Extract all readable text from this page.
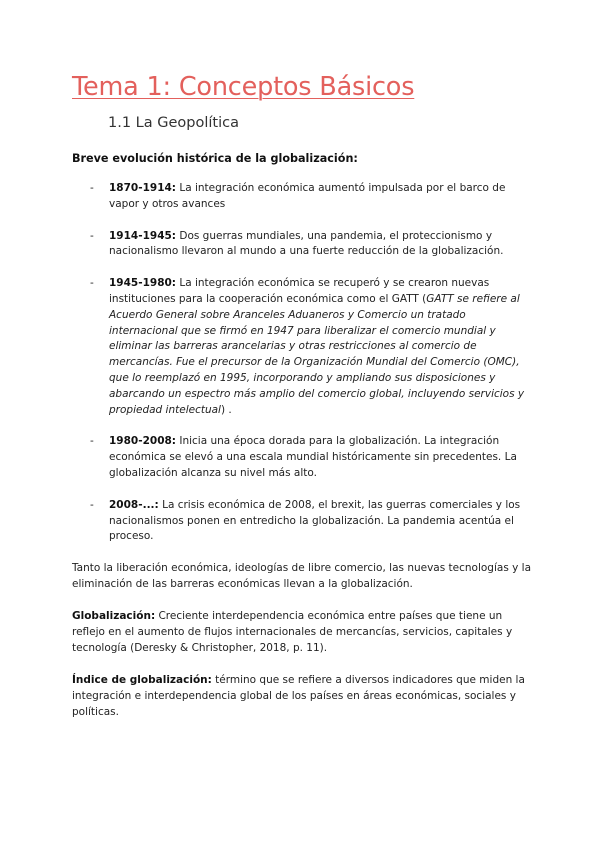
Tema 1: Conceptos Básicos
1.1 La Geopolítica
Breve evolución histórica de la globalización:
- 1870-1914: La integración económica aumentó impulsada por el barco de vapor y otros avances
- 1914-1945: Dos guerras mundiales, una pandemia, el proteccionismo y nacionalismo llevaron al mundo a una fuerte reducción de la globalización.
- 1945-1980: La integración económica se recuperó y se crearon nuevas instituciones para la cooperación económica como el GATT (GATT se refiere al Acuerdo General sobre Aranceles Aduaneros y Comercio un tratado internacional que se firmó en 1947 para liberalizar el comercio mundial y eliminar las barreras arancelarias y otras restricciones al comercio de mercancías. Fue el precursor de la Organización Mundial del Comercio (OMC), que lo reemplazó en 1995, incorporando y ampliando sus disposiciones y abarcando un espectro más amplio del comercio global, incluyendo servicios y propiedad intelectual) .
- 1980-2008: Inicia una época dorada para la globalización. La integración económica se elevó a una escala mundial históricamente sin precedentes. La globalización alcanza su nivel más alto.
- 2008-...: La crisis económica de 2008, el brexit, las guerras comerciales y los nacionalismos ponen en entredicho la globalización. La pandemia acentúa el proceso.
Tanto la liberación económica, ideologías de libre comercio, las nuevas tecnologías y la eliminación de las barreras económicas llevan a la globalización.
Globalización: Creciente interdependencia económica entre países que tiene un reflejo en el aumento de flujos internacionales de mercancías, servicios, capitales y tecnología (Deresky & Christopher, 2018, p. 11).
Índice de globalización: término que se refiere a diversos indicadores que miden la integración e interdependencia global de los países en áreas económicas, sociales y políticas.
